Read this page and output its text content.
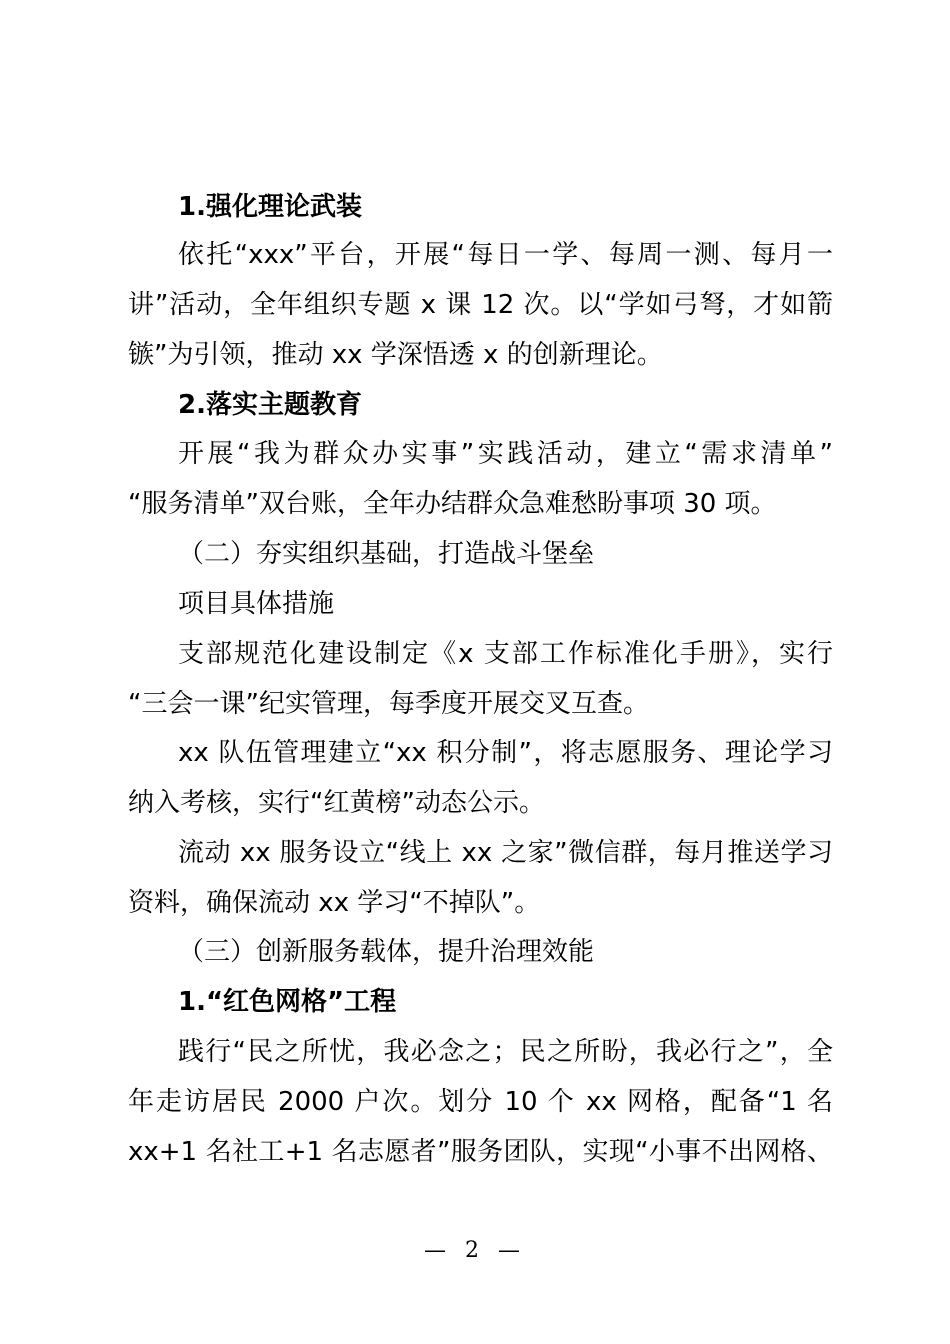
1.强化理论武装
依托“xxx”平台，开展“每日一学、每周一测、每月一
讲”活动，全年组织专题 x 课 12 次。以“学如弓弩，才如箭
镞”为引领，推动 xx 学深悟透 x 的创新理论。
2.落实主题教育
开展“我为群众办实事”实践活动，建立“需求清单”
“服务清单”双台账，全年办结群众急难愁盼事项 30 项。
（二）夯实组织基础，打造战斗堡垒
项目具体措施
支部规范化建设制定《x 支部工作标准化手册》，实行
“三会一课”纪实管理，每季度开展交叉互查。
xx 队伍管理建立“xx 积分制”，将志愿服务、理论学习
纳入考核，实行“红黄榜”动态公示。
流动 xx 服务设立“线上 xx 之家”微信群，每月推送学习
资料，确保流动 xx 学习“不掉队”。
（三）创新服务载体，提升治理效能
1.“红色网格”工程
践行“民之所忧，我必念之；民之所盼，我必行之”，全
年走访居民 2000 户次。划分 10 个 xx 网格，配备“1 名
xx+1 名社工+1 名志愿者”服务团队，实现“小事不出网格、
— 2 —
